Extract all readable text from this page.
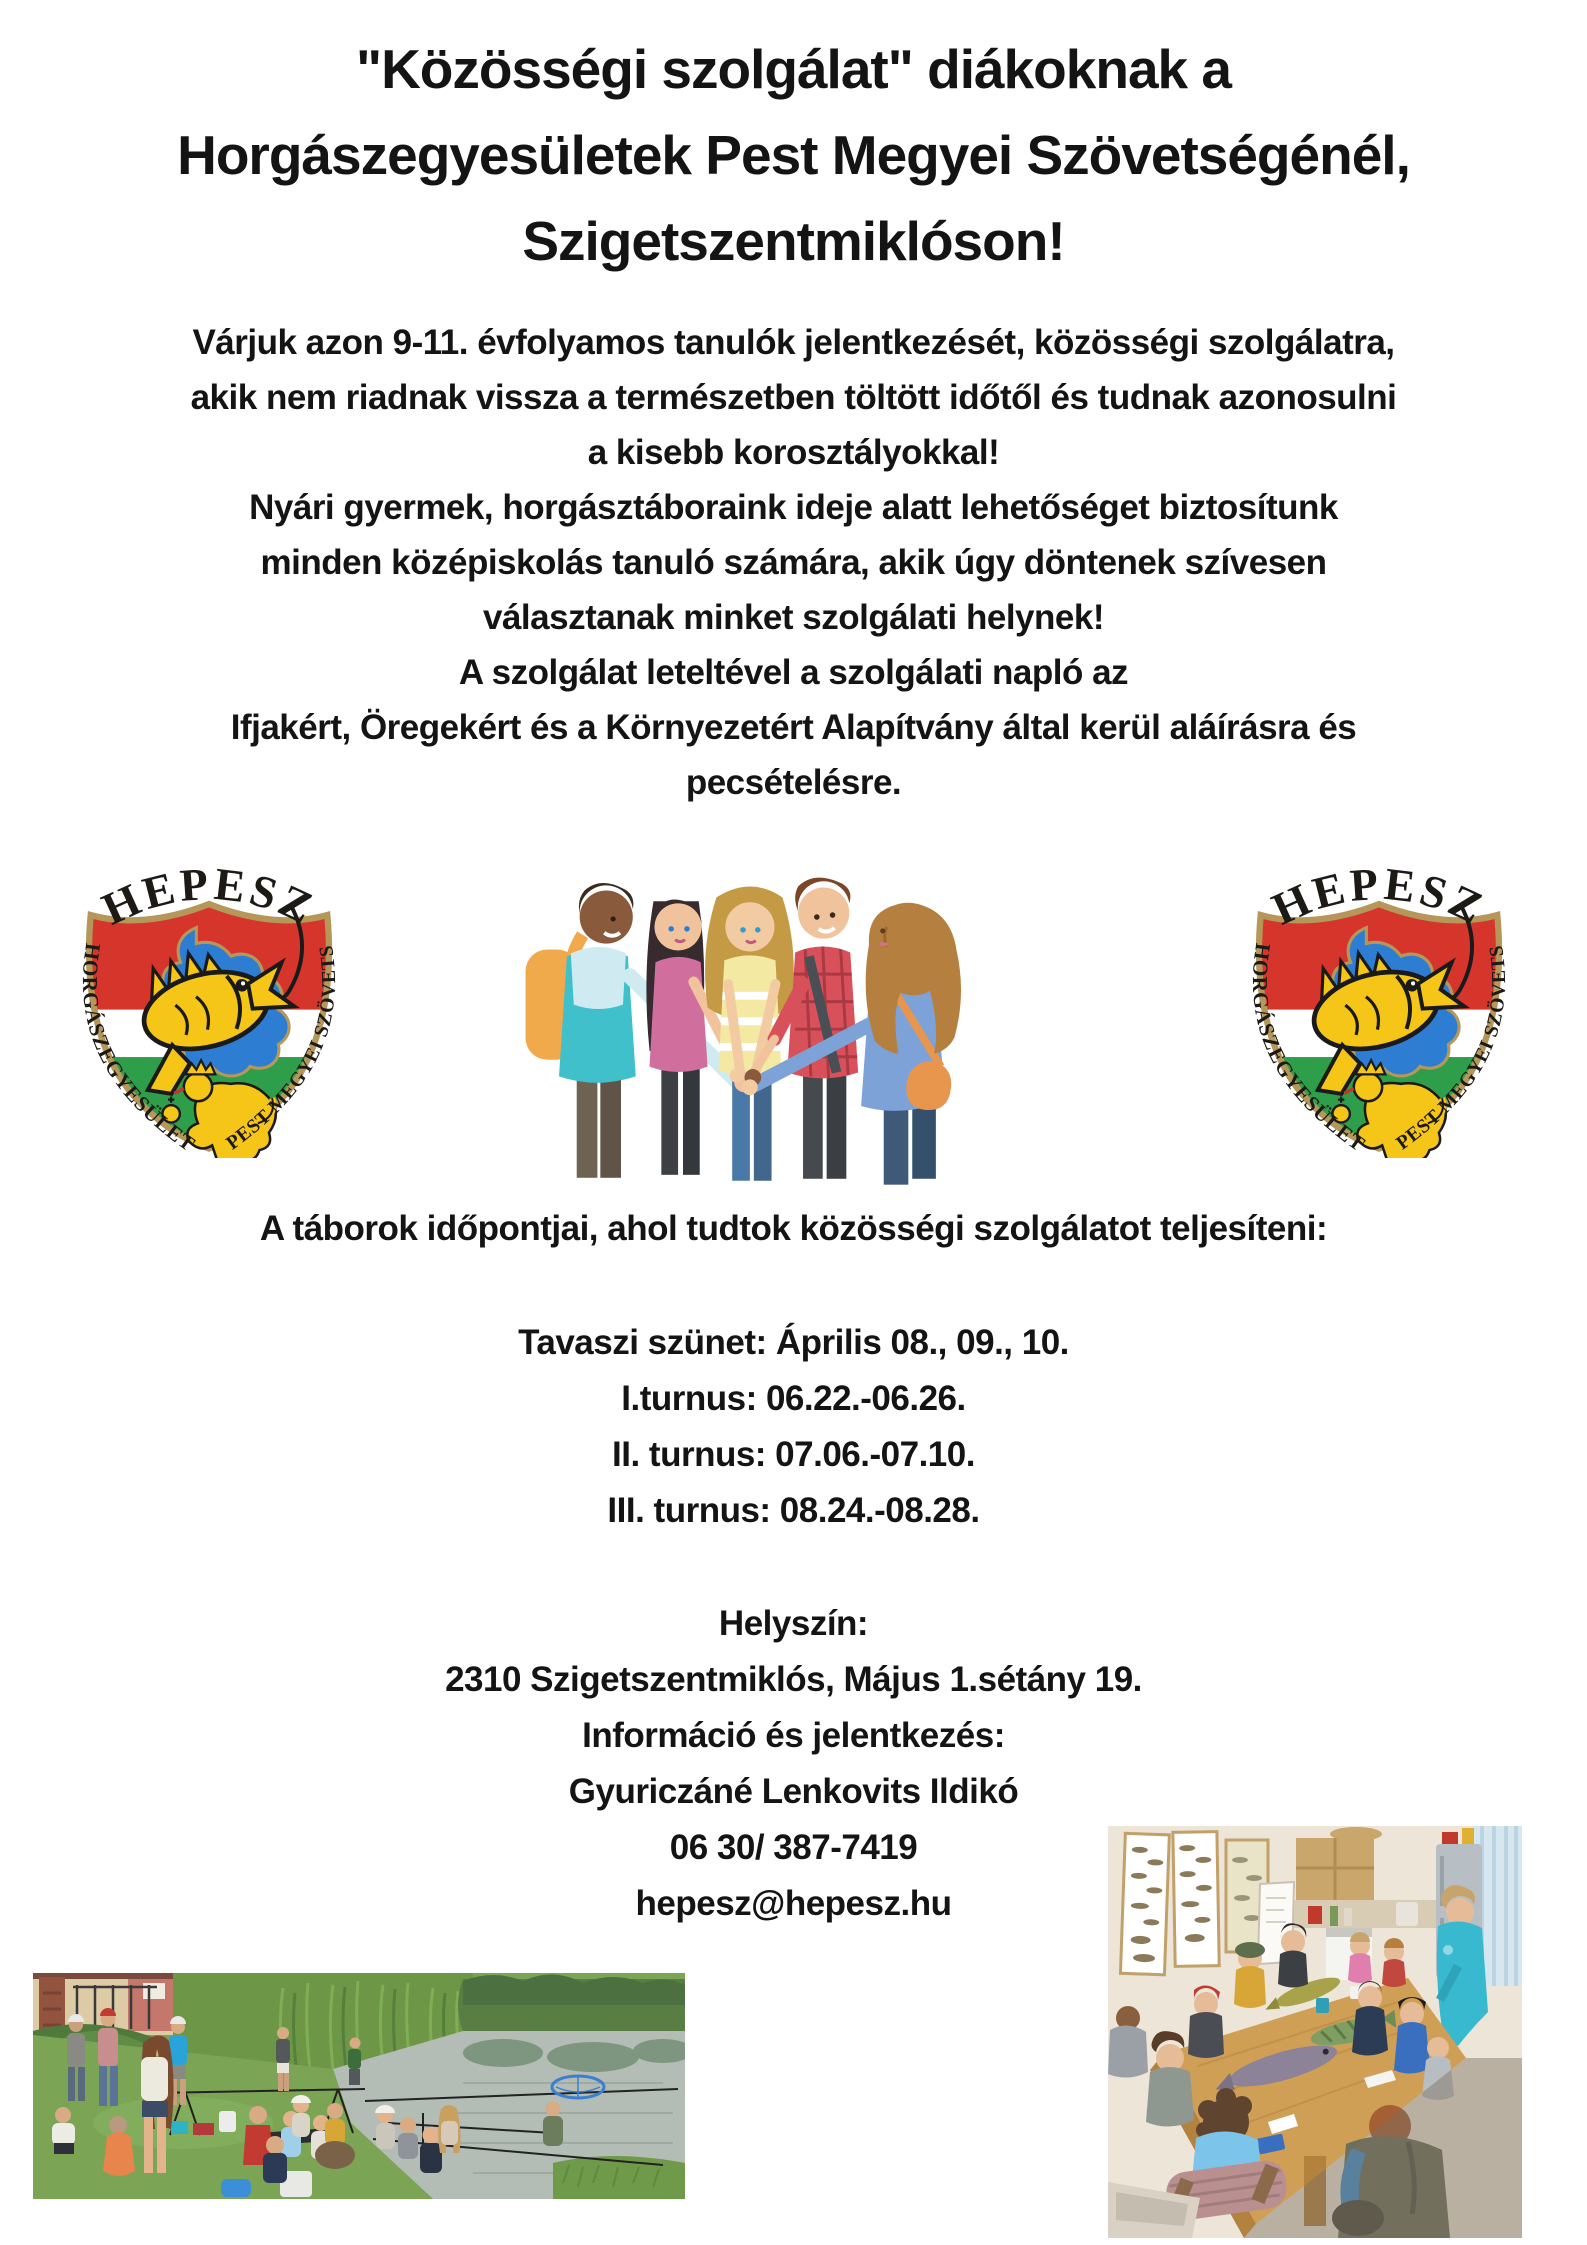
"Közösségi szolgálat" diákoknak a
Horgászegyesületek Pest Megyei Szövetségénél,
Szigetszentmiklóson!
Várjuk azon 9-11. évfolyamos tanulók jelentkezését, közösségi szolgálatra,
akik nem riadnak vissza a természetben töltött időtől és tudnak azonosulni
a kisebb korosztályokkal!
Nyári gyermek, horgásztáboraink ideje alatt lehetőséget biztosítunk
minden középiskolás tanuló számára, akik úgy döntenek szívesen
választanak minket szolgálati helynek!
A szolgálat leteltével a szolgálati napló az
Ifjakért, Öregekért és a Környezetért Alapítvány által kerül aláírásra és
pecsételésre.
A táborok időpontjai, ahol tudtok közösségi szolgálatot teljesíteni:
Tavaszi szünet: Április 08., 09., 10.
I.turnus: 06.22.-06.26.
II. turnus: 07.06.-07.10.
III. turnus: 08.24.-08.28.
Helyszín:
2310 Szigetszentmiklós, Május 1.sétány 19.
Információ és jelentkezés:
Gyuriczáné Lenkovits Ildikó
06 30/ 387-7419
hepesz@hepesz.hu
